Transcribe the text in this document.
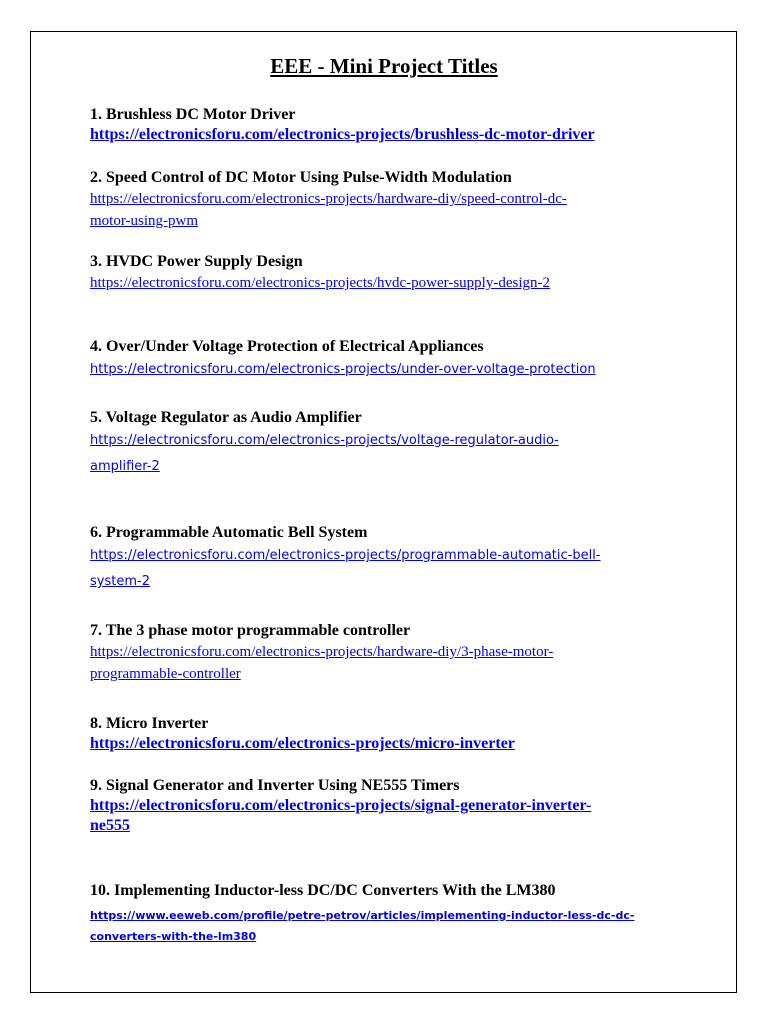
EEE - Mini Project Titles
1. Brushless DC Motor Driver
https://electronicsforu.com/electronics-projects/brushless-dc-motor-driver
2. Speed Control of DC Motor Using Pulse-Width Modulation
https://electronicsforu.com/electronics-projects/hardware-diy/speed-control-dc-
motor-using-pwm
3. HVDC Power Supply Design
https://electronicsforu.com/electronics-projects/hvdc-power-supply-design-2
4. Over/Under Voltage Protection of Electrical Appliances
https://electronicsforu.com/electronics-projects/under-over-voltage-protection
5. Voltage Regulator as Audio Amplifier
https://electronicsforu.com/electronics-projects/voltage-regulator-audio-
amplifier-2
6. Programmable Automatic Bell System
https://electronicsforu.com/electronics-projects/programmable-automatic-bell-
system-2
7. The 3 phase motor programmable controller
https://electronicsforu.com/electronics-projects/hardware-diy/3-phase-motor-
programmable-controller
8. Micro Inverter
https://electronicsforu.com/electronics-projects/micro-inverter
9. Signal Generator and Inverter Using NE555 Timers
https://electronicsforu.com/electronics-projects/signal-generator-inverter-
ne555
10. Implementing Inductor-less DC/DC Converters With the LM380
https://www.eeweb.com/profile/petre-petrov/articles/implementing-inductor-less-dc-dc-
converters-with-the-lm380
